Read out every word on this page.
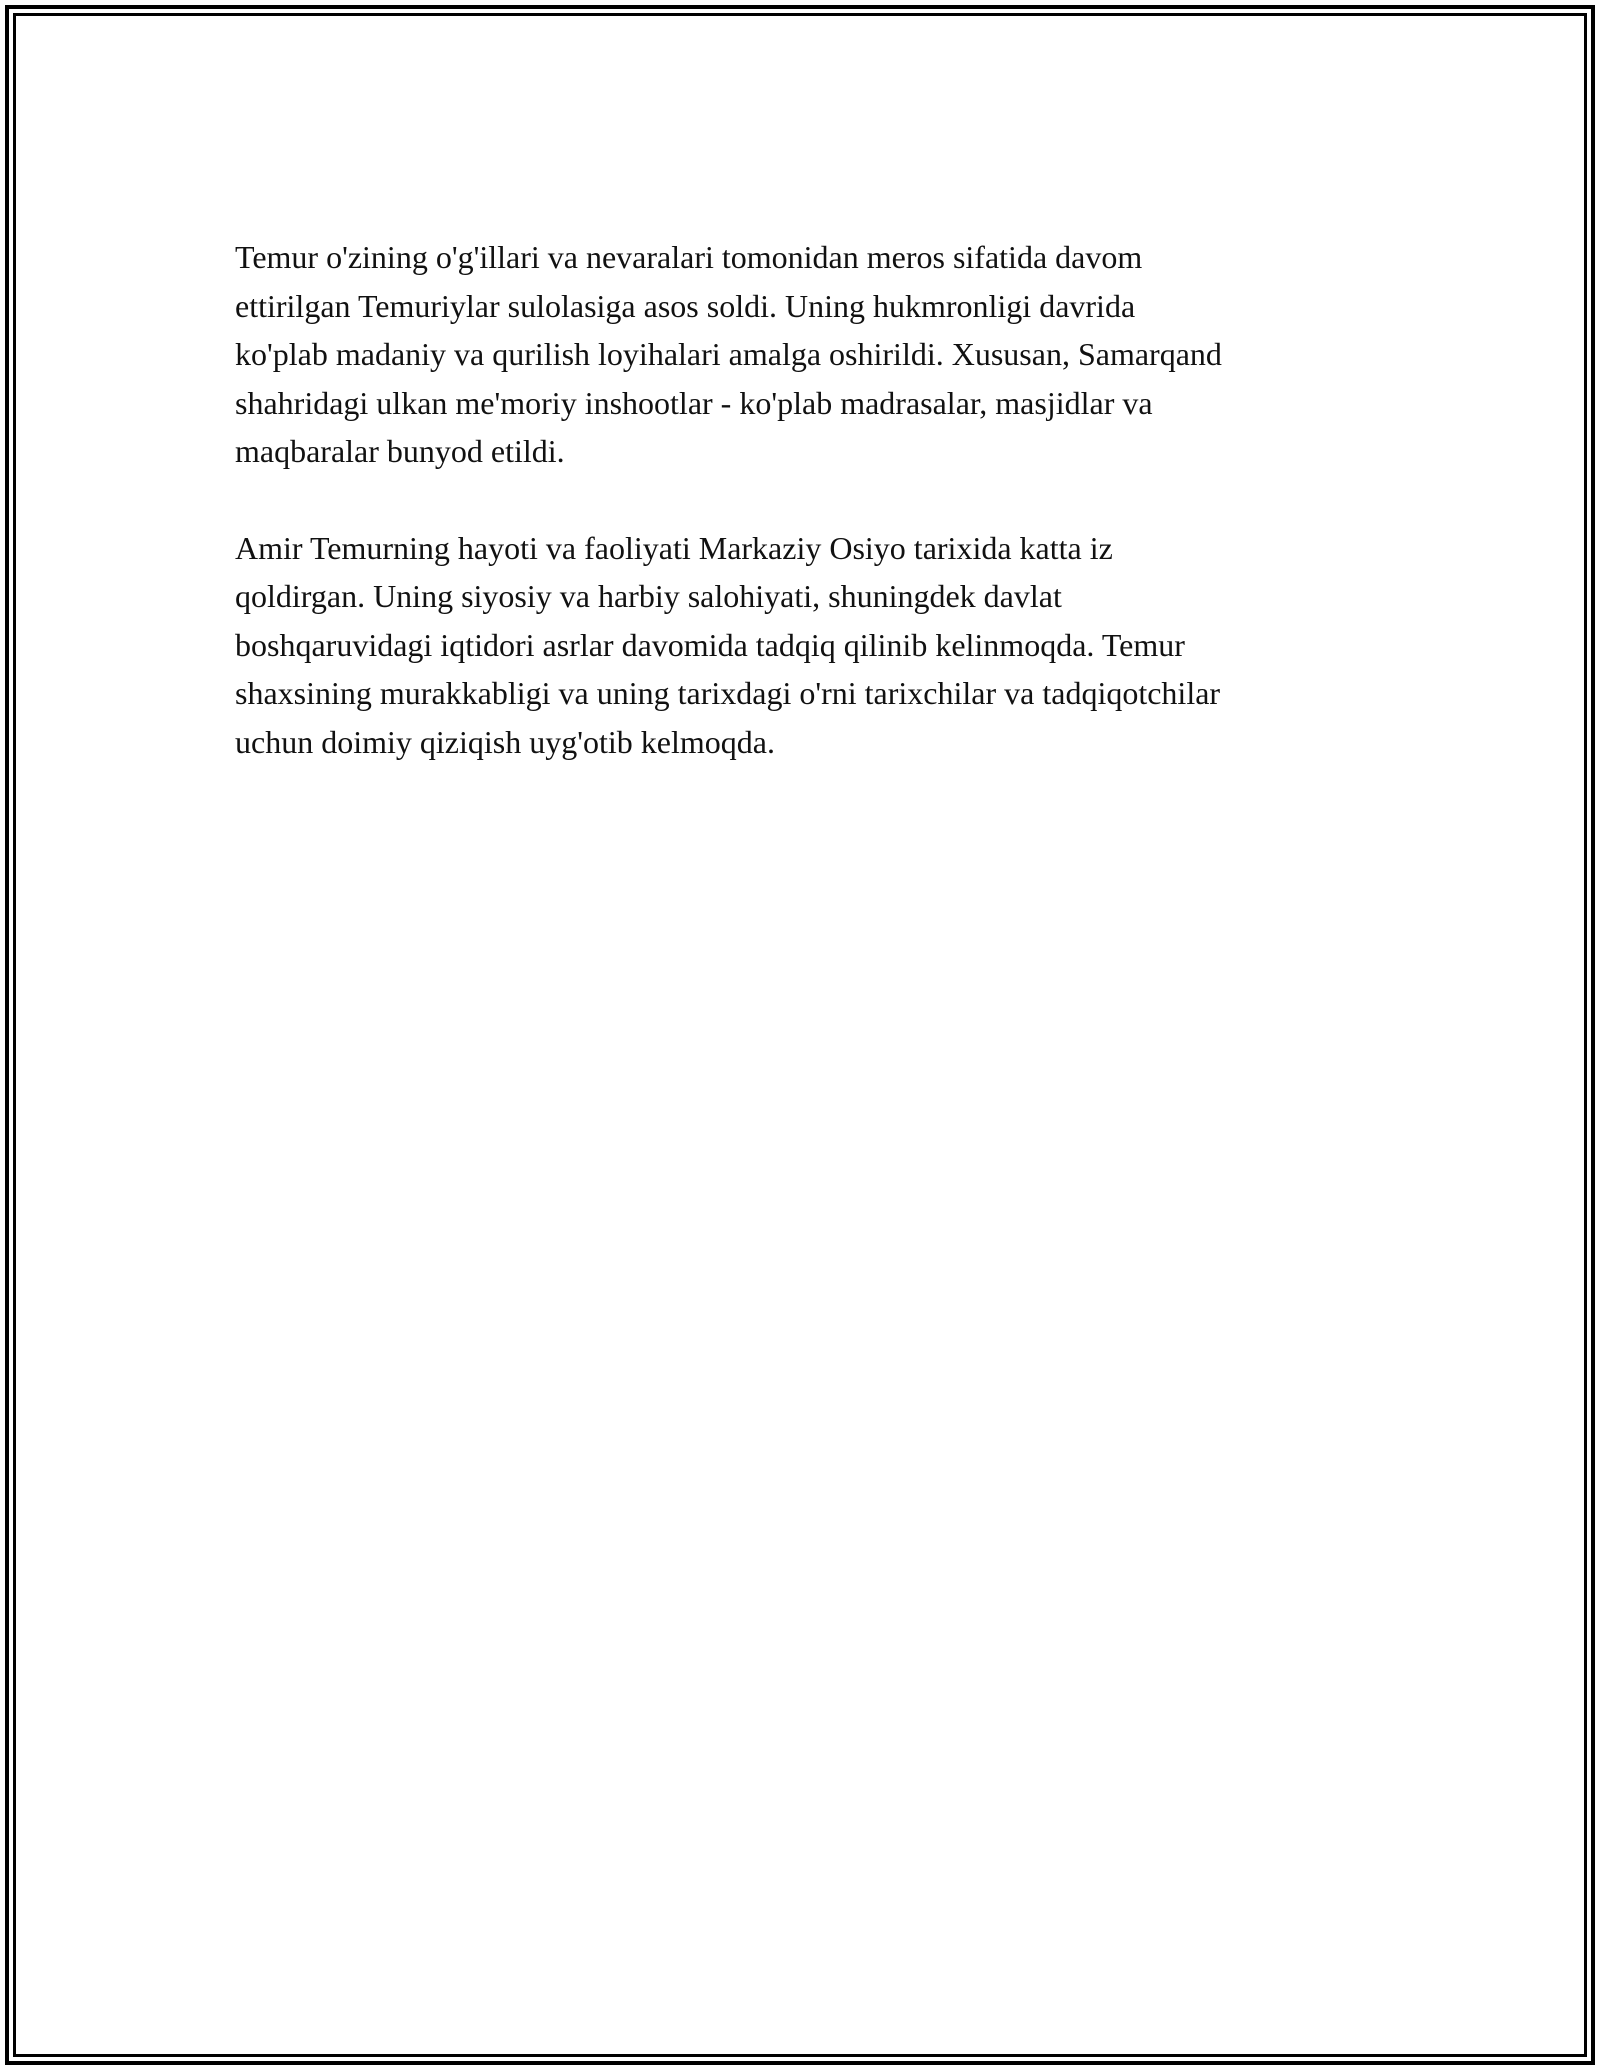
Temur o'zining o'g'illari va nevaralari tomonidan meros sifatida davom
ettirilgan Temuriylar sulolasiga asos soldi. Uning hukmronligi davrida
ko'plab madaniy va qurilish loyihalari amalga oshirildi. Xususan, Samarqand
shahridagi ulkan me'moriy inshootlar - ko'plab madrasalar, masjidlar va
maqbaralar bunyod etildi.

Amir Temurning hayoti va faoliyati Markaziy Osiyo tarixida katta iz
qoldirgan. Uning siyosiy va harbiy salohiyati, shuningdek davlat
boshqaruvidagi iqtidori asrlar davomida tadqiq qilinib kelinmoqda. Temur
shaxsining murakkabligi va uning tarixdagi o'rni tarixchilar va tadqiqotchilar
uchun doimiy qiziqish uyg'otib kelmoqda.
